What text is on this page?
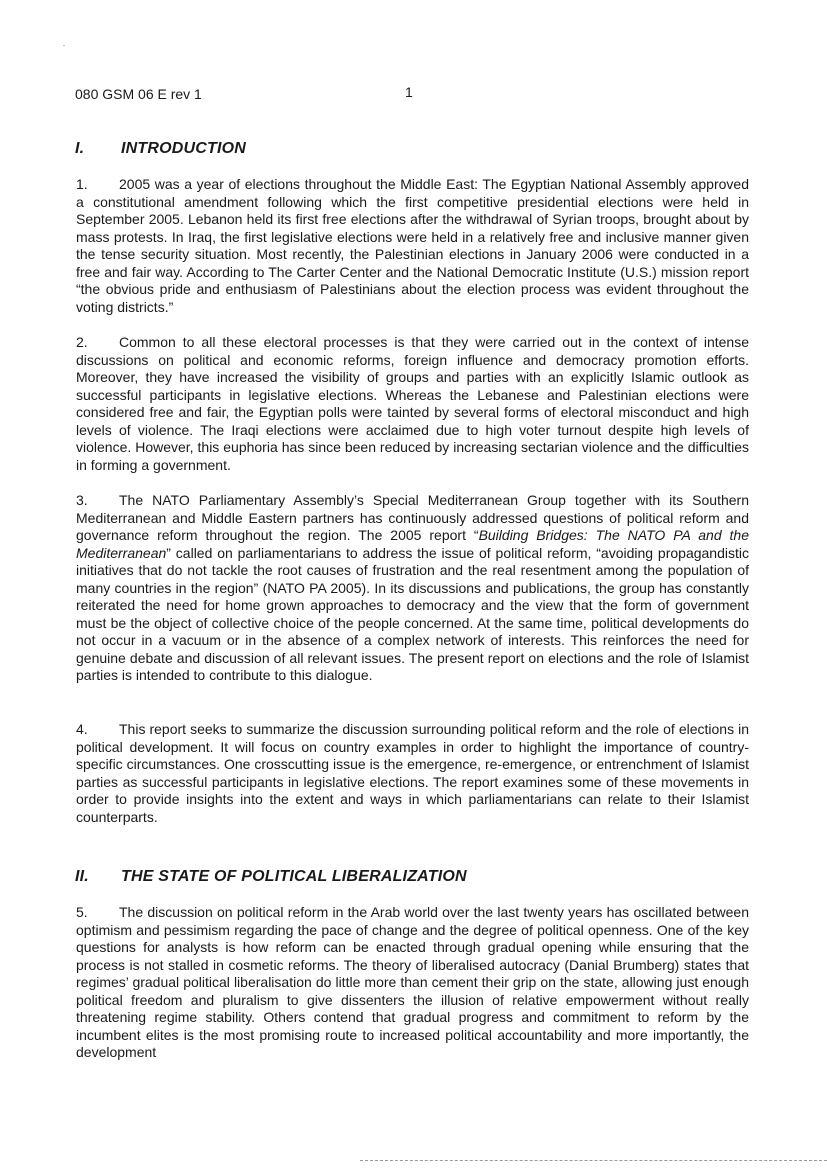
080 GSM 06 E rev 1	1
I. INTRODUCTION

1. 2005 was a year of elections throughout the Middle East: The Egyptian National Assembly approved a constitutional amendment following which the first competitive presidential elections were held in September 2005. Lebanon held its first free elections after the withdrawal of Syrian troops, brought about by mass protests. In Iraq, the first legislative elections were held in a relatively free and inclusive manner given the tense security situation. Most recently, the Palestinian elections in January 2006 were conducted in a free and fair way. According to The Carter Center and the National Democratic Institute (U.S.) mission report “the obvious pride and enthusiasm of Palestinians about the election process was evident throughout the voting districts.”

2. Common to all these electoral processes is that they were carried out in the context of intense discussions on political and economic reforms, foreign influence and democracy promotion efforts. Moreover, they have increased the visibility of groups and parties with an explicitly Islamic outlook as successful participants in legislative elections. Whereas the Lebanese and Palestinian elections were considered free and fair, the Egyptian polls were tainted by several forms of electoral misconduct and high levels of violence. The Iraqi elections were acclaimed due to high voter turnout despite high levels of violence. However, this euphoria has since been reduced by increasing sectarian violence and the difficulties in forming a government.

3. The NATO Parliamentary Assembly’s Special Mediterranean Group together with its Southern Mediterranean and Middle Eastern partners has continuously addressed questions of political reform and governance reform throughout the region. The 2005 report “Building Bridges: The NATO PA and the Mediterranean” called on parliamentarians to address the issue of political reform, “avoiding propagandistic initiatives that do not tackle the root causes of frustration and the real resentment among the population of many countries in the region” (NATO PA 2005). In its discussions and publications, the group has constantly reiterated the need for home grown approaches to democracy and the view that the form of government must be the object of collective choice of the people concerned. At the same time, political developments do not occur in a vacuum or in the absence of a complex network of interests. This reinforces the need for genuine debate and discussion of all relevant issues. The present report on elections and the role of Islamist parties is intended to contribute to this dialogue.

4. This report seeks to summarize the discussion surrounding political reform and the role of elections in political development. It will focus on country examples in order to highlight the importance of country-specific circumstances. One crosscutting issue is the emergence, re-emergence, or entrenchment of Islamist parties as successful participants in legislative elections. The report examines some of these movements in order to provide insights into the extent and ways in which parliamentarians can relate to their Islamist counterparts.

II. THE STATE OF POLITICAL LIBERALIZATION

5. The discussion on political reform in the Arab world over the last twenty years has oscillated between optimism and pessimism regarding the pace of change and the degree of political openness. One of the key questions for analysts is how reform can be enacted through gradual opening while ensuring that the process is not stalled in cosmetic reforms. The theory of liberalised autocracy (Danial Brumberg) states that regimes’ gradual political liberalisation do little more than cement their grip on the state, allowing just enough political freedom and pluralism to give dissenters the illusion of relative empowerment without really threatening regime stability. Others contend that gradual progress and commitment to reform by the incumbent elites is the most promising route to increased political accountability and more importantly, the development
